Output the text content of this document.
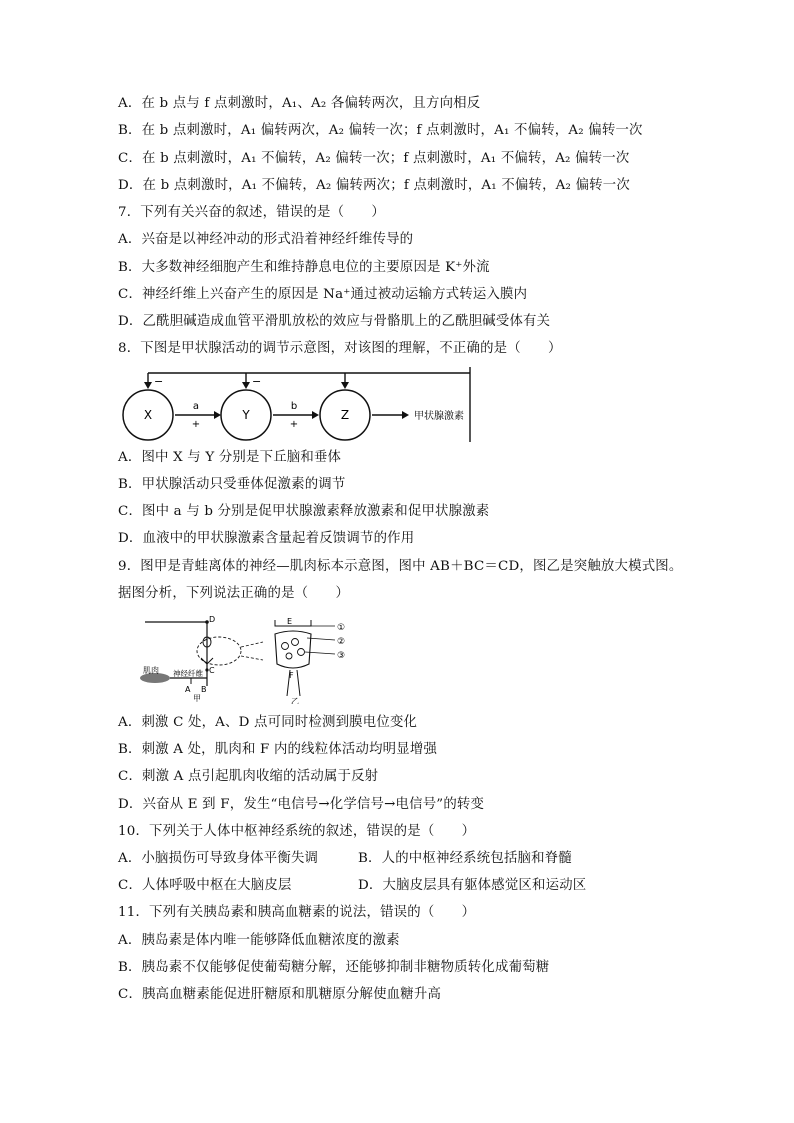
A．在 b 点与 f 点刺激时，A₁、A₂ 各偏转两次，且方向相反
B．在 b 点刺激时，A₁ 偏转两次，A₂ 偏转一次；f 点刺激时，A₁ 不偏转，A₂ 偏转一次
C．在 b 点刺激时，A₁ 不偏转，A₂ 偏转一次；f 点刺激时，A₁ 不偏转，A₂ 偏转一次
D．在 b 点刺激时，A₁ 不偏转，A₂ 偏转两次；f 点刺激时，A₁ 不偏转，A₂ 偏转一次
7．下列有关兴奋的叙述，错误的是（　　）
A．兴奋是以神经冲动的形式沿着神经纤维传导的
B．大多数神经细胞产生和维持静息电位的主要原因是 K⁺外流
C．神经纤维上兴奋产生的原因是 Na⁺通过被动运输方式转运入膜内
D．乙酰胆碱造成血管平滑肌放松的效应与骨骼肌上的乙酰胆碱受体有关
8．下图是甲状腺活动的调节示意图，对该图的理解，不正确的是（　　）
−	−
X	Y	Z
a
+
b
+
甲状腺激素
A．图中 X 与 Y 分别是下丘脑和垂体
B．甲状腺活动只受垂体促激素的调节
C．图中 a 与 b 分别是促甲状腺激素释放激素和促甲状腺激素
D．血液中的甲状腺激素含量起着反馈调节的作用
9．图甲是青蛙离体的神经—肌肉标本示意图，图中 AB＋BC＝CD，图乙是突触放大模式图。
据图分析，下列说法正确的是（　　）
D
C
肌肉 神经纤维
A B
甲
E
F
①
②
③
乙
A．刺激 C 处，A、D 点可同时检测到膜电位变化
B．刺激 A 处，肌肉和 F 内的线粒体活动均明显增强
C．刺激 A 点引起肌肉收缩的活动属于反射
D．兴奋从 E 到 F，发生“电信号→化学信号→电信号”的转变
10．下列关于人体中枢神经系统的叙述，错误的是（　　）
A．小脑损伤可导致身体平衡失调	B．人的中枢神经系统包括脑和脊髓
C．人体呼吸中枢在大脑皮层	D．大脑皮层具有躯体感觉区和运动区
11．下列有关胰岛素和胰高血糖素的说法，错误的（　　）
A．胰岛素是体内唯一能够降低血糖浓度的激素
B．胰岛素不仅能够促使葡萄糖分解，还能够抑制非糖物质转化成葡萄糖
C．胰高血糖素能促进肝糖原和肌糖原分解使血糖升高
